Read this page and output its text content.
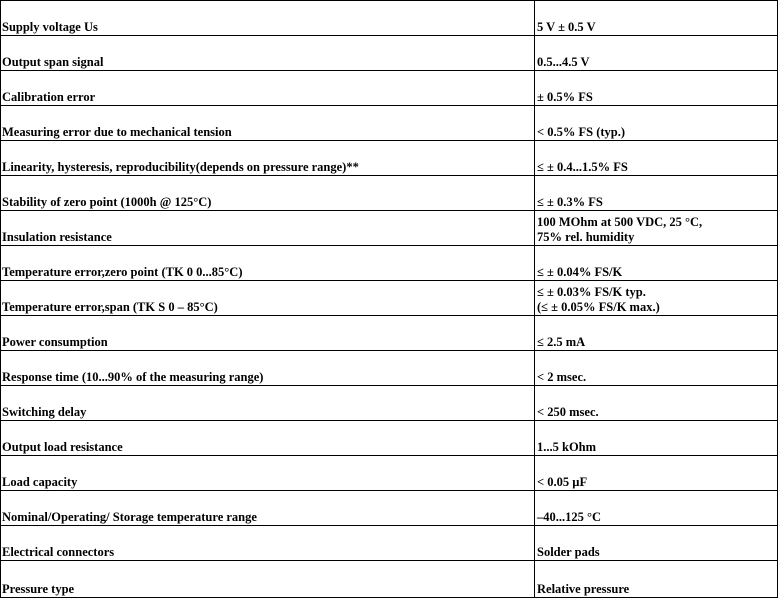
Supply voltage Us	5 V ± 0.5 V
Output span signal	0.5...4.5 V
Calibration error	± 0.5% FS
Measuring error due to mechanical tension	< 0.5% FS (typ.)
Linearity, hysteresis, reproducibility(depends on pressure range)**	≤ ± 0.4...1.5% FS
Stability of zero point (1000h @ 125°C)	≤ ± 0.3% FS
Insulation resistance	100 MOhm at 500 VDC, 25 °C,
75% rel. humidity

Temperature error,zero point (TK 0 0...85°C)	≤ ± 0.04% FS/K
Temperature error,span (TK S 0 – 85°C)	≤ ± 0.03% FS/K typ.
(≤ ± 0.05% FS/K max.)

Power consumption	≤ 2.5 mA
Response time (10...90% of the measuring range)	< 2 msec.
Switching delay	< 250 msec.
Output load resistance	1...5 kOhm
Load capacity	< 0.05 µF
Nominal/Operating/ Storage temperature range	–40...125 °C
Electrical connectors	Solder pads
Pressure type	Relative pressure
